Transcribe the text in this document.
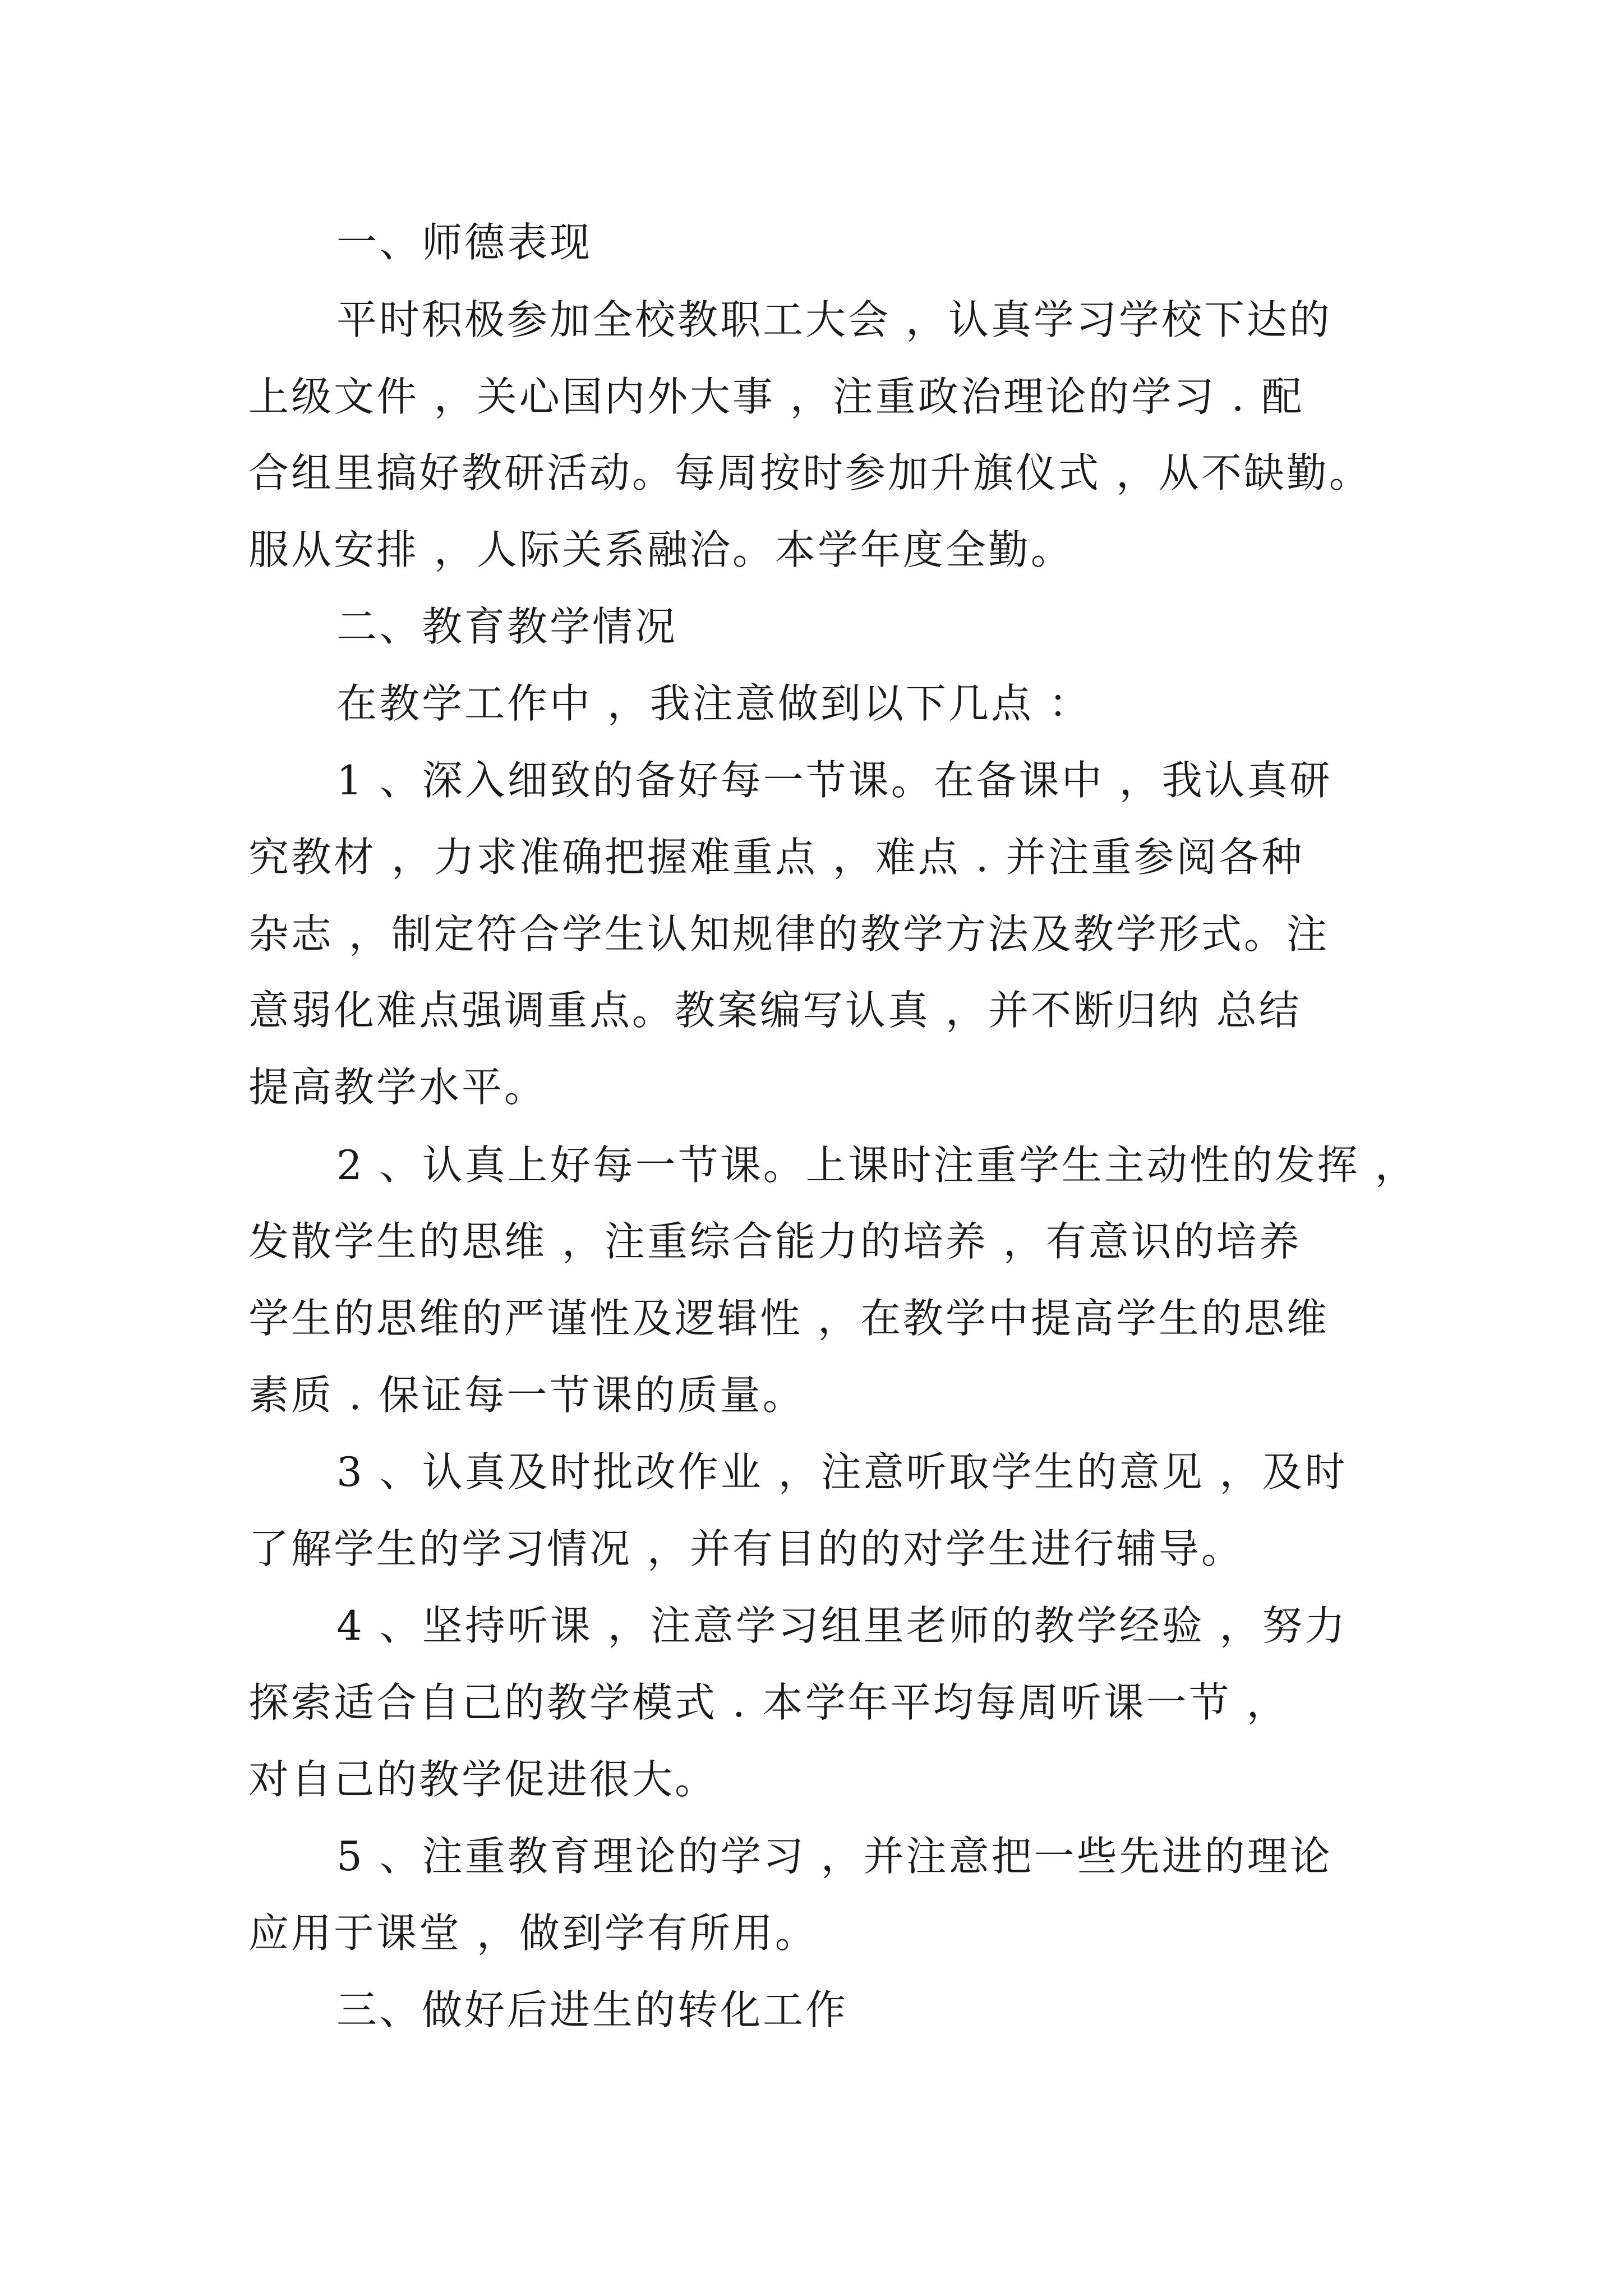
一、师德表现
平时积极参加全校教职工大会 ，认真学习学校下达的
上级文件 ，关心国内外大事 ，注重政治理论的学习 . 配
合组里搞好教研活动。每周按时参加升旗仪式 ，从不缺勤。
服从安排 ，人际关系融洽。本学年度全勤。
二、教育教学情况
在教学工作中 ，我注意做到以下几点 ：
1 、深入细致的备好每一节课。在备课中 ，我认真研
究教材 ，力求准确把握难重点 ，难点 . 并注重参阅各种
杂志 ，制定符合学生认知规律的教学方法及教学形式。注
意弱化难点强调重点。教案编写认真 ，并不断归纳 总结
提高教学水平。
2 、认真上好每一节课。上课时注重学生主动性的发挥 ，
发散学生的思维 ，注重综合能力的培养 ，有意识的培养
学生的思维的严谨性及逻辑性 ，在教学中提高学生的思维
素质 . 保证每一节课的质量。
3 、认真及时批改作业 ，注意听取学生的意见 ，及时
了解学生的学习情况 ，并有目的的对学生进行辅导。
4 、坚持听课 ，注意学习组里老师的教学经验 ，努力
探索适合自己的教学模式 . 本学年平均每周听课一节 ，
对自己的教学促进很大。
5 、注重教育理论的学习 ，并注意把一些先进的理论
应用于课堂 ，做到学有所用。
三、做好后进生的转化工作
